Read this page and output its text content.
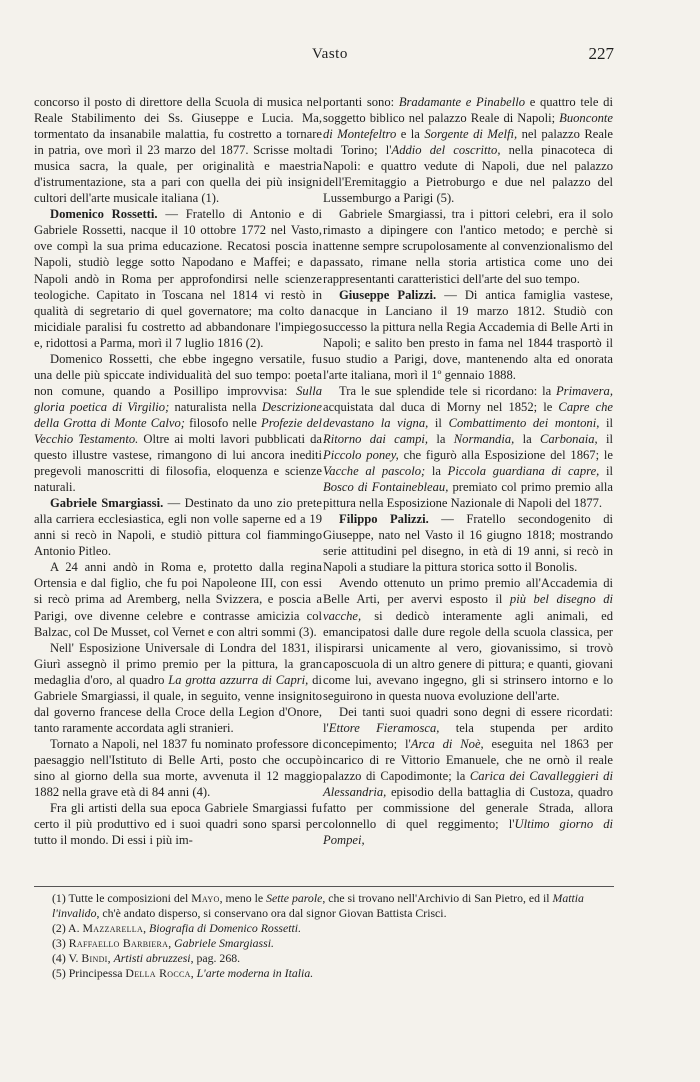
Vasto	227

concorso il posto di direttore della Scuola di musica nel Reale Stabilimento dei Ss. Giuseppe e Lucia. Ma, tormentato da insanabile malattia, fu costretto a tornare in patria, ove morì il 23 marzo del 1877. Scrisse molta musica sacra, la quale, per originalità e maestria d'istrumentazione, sta a pari con quella dei più insigni cultori dell'arte musicale italiana (1).

Domenico Rossetti. — Fratello di Antonio e di Gabriele Rossetti, nacque il 10 ottobre 1772 nel Vasto, ove compì la sua prima educazione. Recatosi poscia in Napoli, studiò legge sotto Napodano e Maffei; e da Napoli andò in Roma per approfondirsi nelle scienze teologiche. Capitato in Toscana nel 1814 vi restò in qualità di segretario di quel governatore; ma colto da micidiale paralisi fu costretto ad abbandonare l'impiego e, ridottosi a Parma, morì il 7 luglio 1816 (2).

Domenico Rossetti, che ebbe ingegno versatile, fu una delle più spiccate individualità del suo tempo: poeta non comune, quando a Posillipo improvvisa: Sulla gloria poetica di Virgilio; naturalista nella Descrizione della Grotta di Monte Calvo; filosofo nelle Profezie del Vecchio Testamento. Oltre ai molti lavori pubblicati da questo illustre vastese, rimangono di lui ancora inediti pregevoli manoscritti di filosofia, eloquenza e scienze naturali.

Gabriele Smargiassi. — Destinato da uno zio prete alla carriera ecclesiastica, egli non volle saperne ed a 19 anni si recò in Napoli, e studiò pittura col fiammingo Antonio Pitleo.

A 24 anni andò in Roma e, protetto dalla regina Ortensia e dal figlio, che fu poi Napoleone III, con essi si recò prima ad Aremberg, nella Svizzera, e poscia a Parigi, ove divenne celebre e contrasse amicizia col Balzac, col De Musset, col Vernet e con altri sommi (3).

Nell' Esposizione Universale di Londra del 1831, il Giurì assegnò il primo premio per la pittura, la gran medaglia d'oro, al quadro La grotta azzurra di Capri, di Gabriele Smargiassi, il quale, in seguito, venne insignito dal governo francese della Croce della Legion d'Onore, tanto raramente accordata agli stranieri.

Tornato a Napoli, nel 1837 fu nominato professore di paesaggio nell'Istituto di Belle Arti, posto che occupò sino al giorno della sua morte, avvenuta il 12 maggio 1882 nella grave età di 84 anni (4).

Fra gli artisti della sua epoca Gabriele Smargiassi fu certo il più produttivo ed i suoi quadri sono sparsi per tutto il mondo. Di essi i più im-

portanti sono: Bradamante e Pinabello e quattro tele di soggetto biblico nel palazzo Reale di Napoli; Buonconte di Montefeltro e la Sorgente di Melfi, nel palazzo Reale di Torino; l'Addio del coscritto, nella pinacoteca di Napoli: e quattro vedute di Napoli, due nel palazzo dell'Eremitaggio a Pietroburgo e due nel palazzo del Lussemburgo a Parigi (5).

Gabriele Smargiassi, tra i pittori celebri, era il solo rimasto a dipingere con l'antico metodo; e perchè si attenne sempre scrupolosamente al convenzionalismo del passato, rimane nella storia artistica come uno dei rappresentanti caratteristici dell'arte del suo tempo.

Giuseppe Palizzi. — Di antica famiglia vastese, nacque in Lanciano il 19 marzo 1812. Studiò con successo la pittura nella Regia Accademia di Belle Arti in Napoli; e salito ben presto in fama nel 1844 trasportò il suo studio a Parigi, dove, mantenendo alta ed onorata l'arte italiana, morì il 1º gennaio 1888.

Tra le sue splendide tele si ricordano: la Primavera, acquistata dal duca di Morny nel 1852; le Capre che devastano la vigna, il Combattimento dei montoni, il Ritorno dai campi, la Normandia, la Carbonaia, il Piccolo poney, che figurò alla Esposizione del 1867; le Vacche al pascolo; la Piccola guardiana di capre, il Bosco di Fontainebleau, premiato col primo premio alla pittura nella Esposizione Nazionale di Napoli del 1877.

Filippo Palizzi. — Fratello secondogenito di Giuseppe, nato nel Vasto il 16 giugno 1818; mostrando serie attitudini pel disegno, in età di 19 anni, si recò in Napoli a studiare la pittura storica sotto il Bonolis.

Avendo ottenuto un primo premio all'Accademia di Belle Arti, per avervi esposto il più bel disegno di vacche, si dedicò interamente agli animali, ed emancipatosi dalle dure regole della scuola classica, per ispirarsi unicamente al vero, giovanissimo, si trovò caposcuola di un altro genere di pittura; e quanti, giovani come lui, avevano ingegno, gli si strinsero intorno e lo seguirono in questa nuova evoluzione dell'arte.

Dei tanti suoi quadri sono degni di essere ricordati: l'Ettore Fieramosca, tela stupenda per ardito concepimento; l'Arca di Noè, eseguita nel 1863 per incarico di re Vittorio Emanuele, che ne ornò il reale palazzo di Capodimonte; la Carica dei Cavalleggieri di Alessandria, episodio della battaglia di Custoza, quadro fatto per commissione del generale Strada, allora colonnello di quel reggimento; l'Ultimo giorno di Pompei,

(1) Tutte le composizioni del Mayo, meno le Sette parole, che si trovano nell'Archivio di San Pietro, ed il Mattia l'invalido, ch'è andato disperso, si conservano ora dal signor Giovan Battista Crisci.

(2) A. Mazzarella, Biografia di Domenico Rossetti.

(3) Raffaello Barbiera, Gabriele Smargiassi.

(4) V. Bindi, Artisti abruzzesi, pag. 268.

(5) Principessa Della Rocca, L'arte moderna in Italia.
